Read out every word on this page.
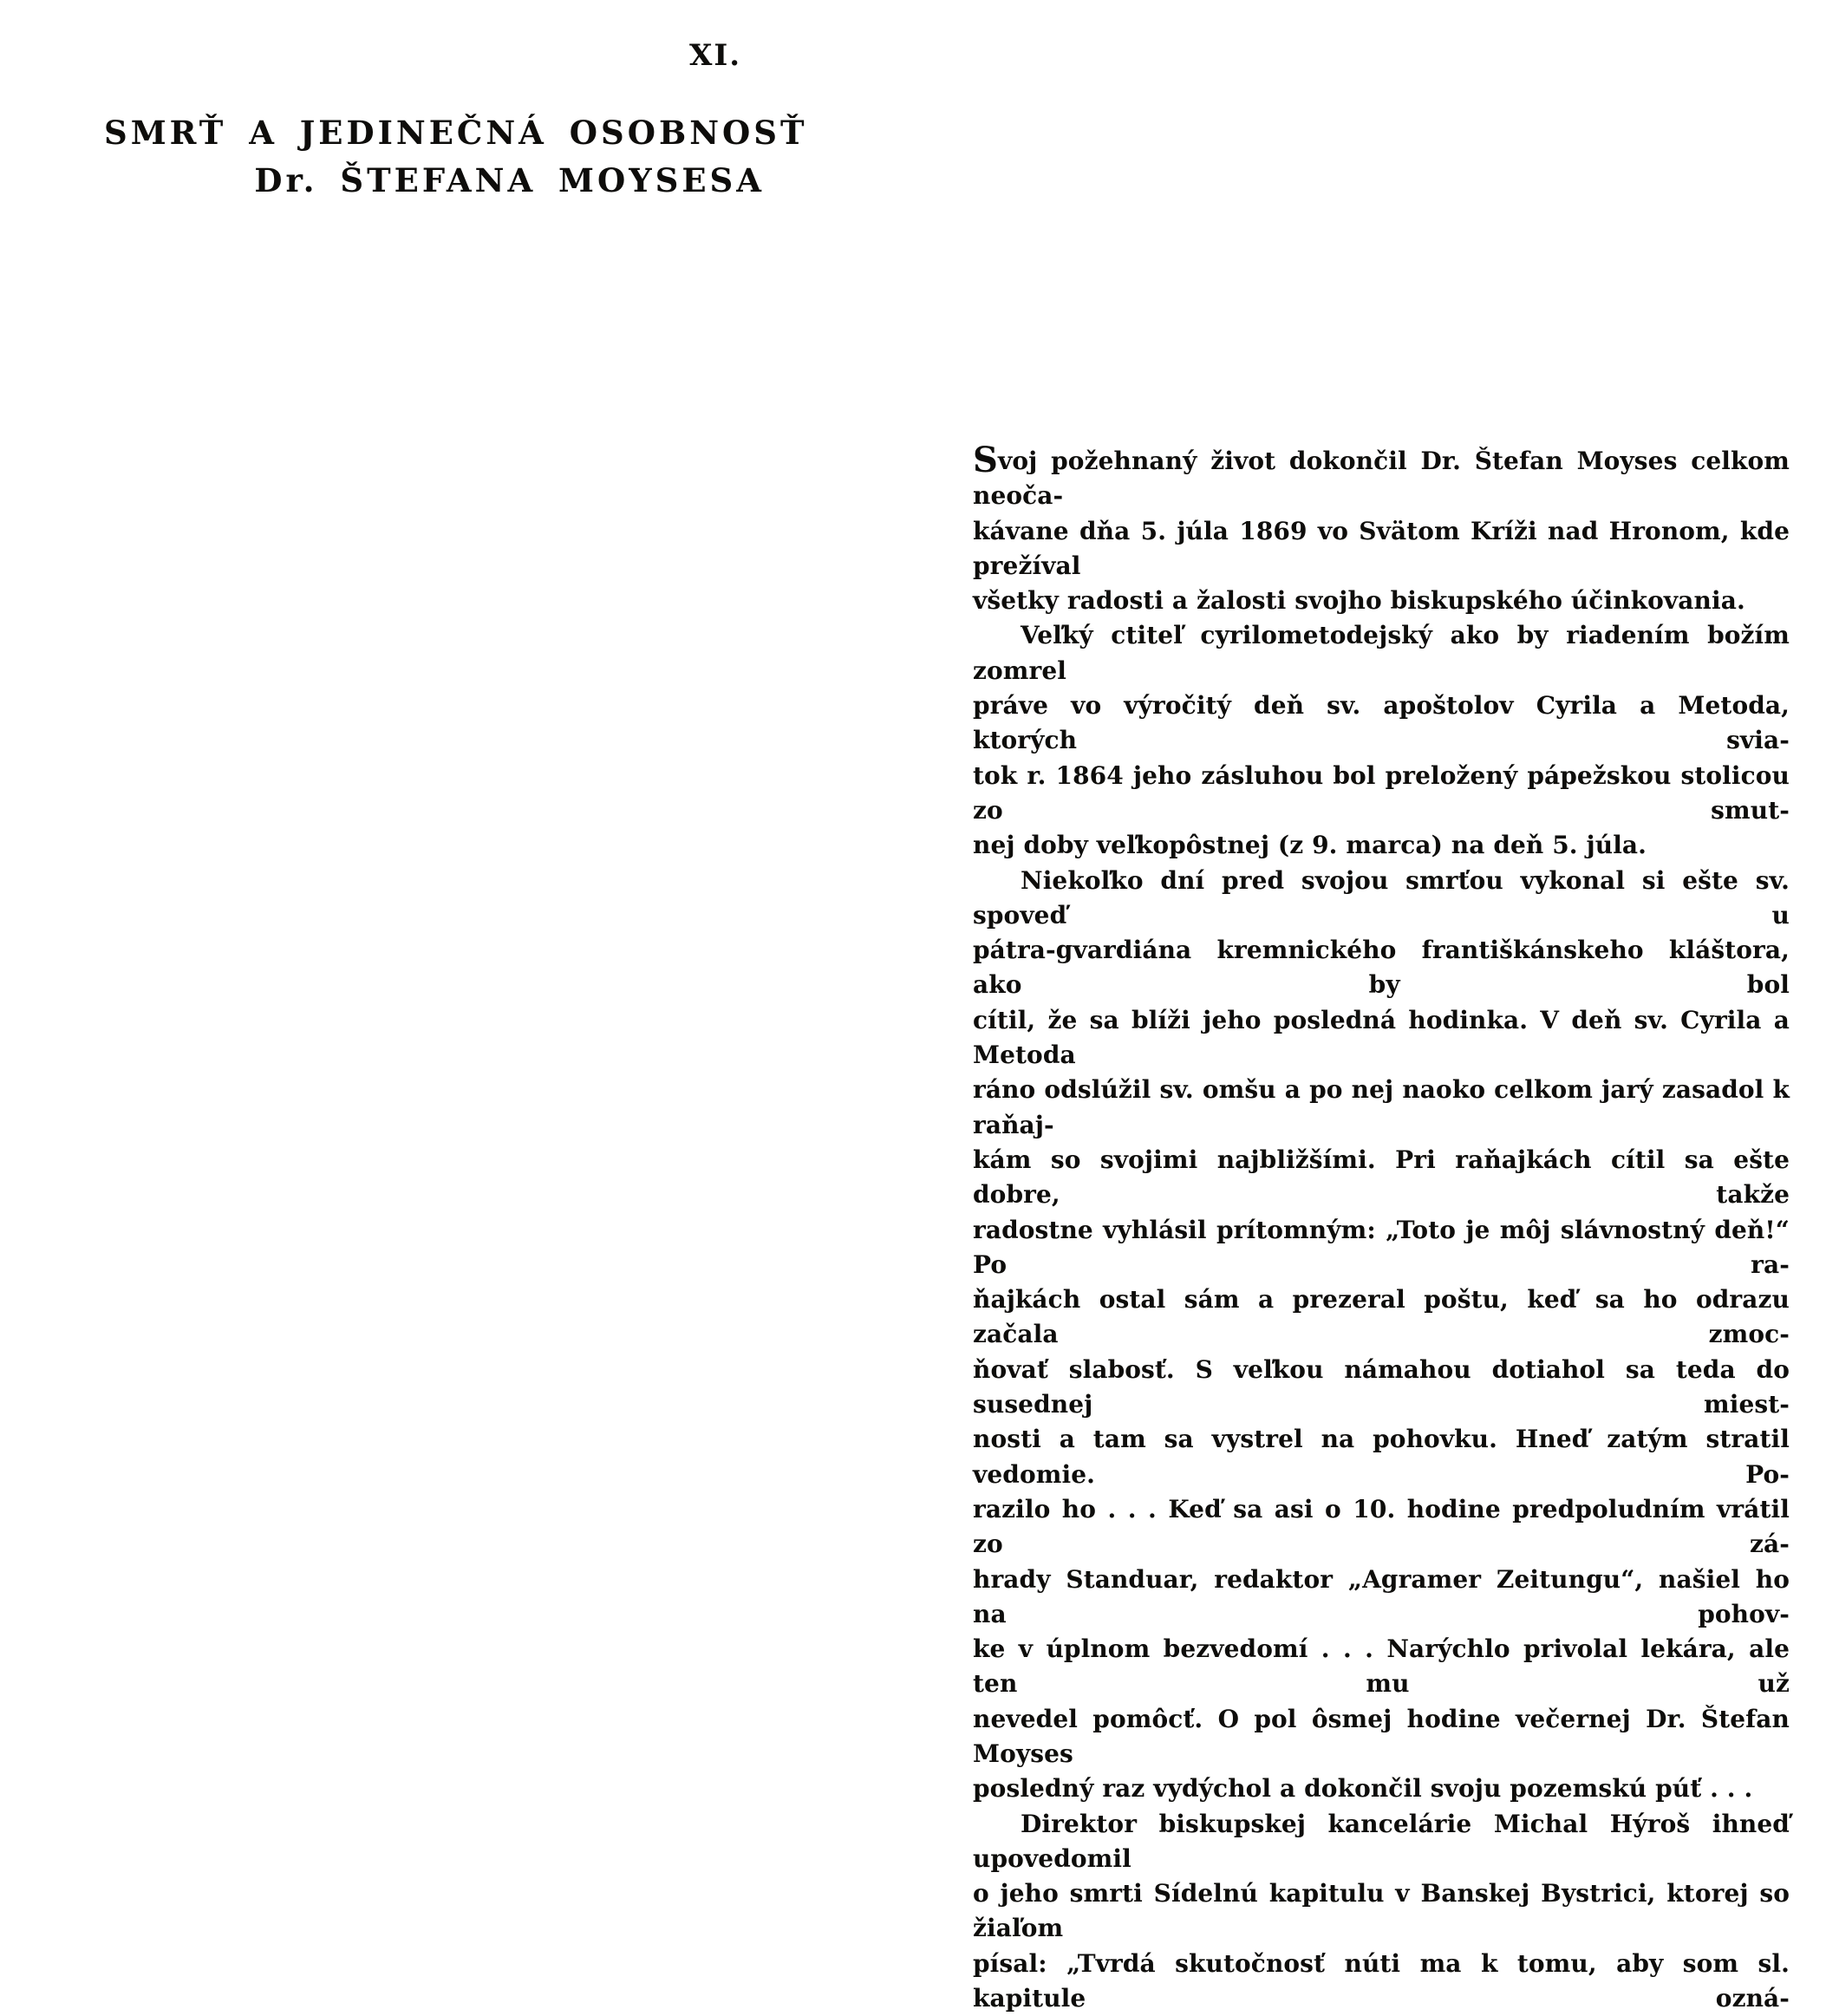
XI.
SMRŤ A JEDINEČNÁ OSOBNOSŤ
Dr. ŠTEFANA MOYSESA
Svoj požehnaný život dokončil Dr. Štefan Moyses celkom neoča-
kávane dňa 5. júla 1869 vo Svätom Kríži nad Hronom, kde prežíval
všetky radosti a žalosti svojho biskupského účinkovania.
Veľký ctiteľ cyrilometodejský ako by riadením božím zomrel
práve vo výročitý deň sv. apoštolov Cyrila a Metoda, ktorých svia-
tok r. 1864 jeho zásluhou bol preložený pápežskou stolicou zo smut-
nej doby veľkopôstnej (z 9. marca) na deň 5. júla.
Niekoľko dní pred svojou smrťou vykonal si ešte sv. spoveď u
pátra-gvardiána kremnického františkánskeho kláštora, ako by bol
cítil, že sa blíži jeho posledná hodinka. V deň sv. Cyrila a Metoda
ráno odslúžil sv. omšu a po nej naoko celkom jarý zasadol k raňaj-
kám so svojimi najbližšími. Pri raňajkách cítil sa ešte dobre, takže
radostne vyhlásil prítomným: „Toto je môj slávnostný deň!“ Po ra-
ňajkách ostal sám a prezeral poštu, keď sa ho odrazu začala zmoc-
ňovať slabosť. S veľkou námahou dotiahol sa teda do susednej miest-
nosti a tam sa vystrel na pohovku. Hneď zatým stratil vedomie. Po-
razilo ho . . . Keď sa asi o 10. hodine predpoludním vrátil zo zá-
hrady Standuar, redaktor „Agramer Zeitungu“, našiel ho na pohov-
ke v úplnom bezvedomí . . . Narýchlo privolal lekára, ale ten mu už
nevedel pomôcť. O pol ôsmej hodine večernej Dr. Štefan Moyses
posledný raz vydýchol a dokončil svoju pozemskú púť . . .
Direktor biskupskej kancelárie Michal Hýroš ihneď upovedomil
o jeho smrti Sídelnú kapitulu v Banskej Bystrici, ktorej so žiaľom
písal: „Tvrdá skutočnosť núti ma k tomu, aby som sl. kapitule ozná-
